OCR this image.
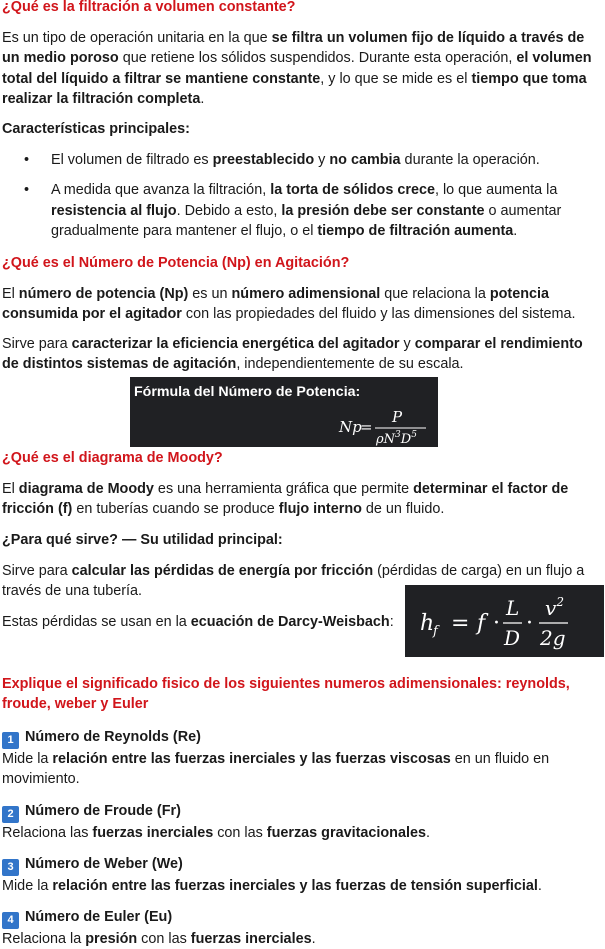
¿Qué es la filtración a volumen constante?

Es un tipo de operación unitaria en la que se filtra un volumen fijo de líquido a través de un medio poroso que retiene los sólidos suspendidos. Durante esta operación, el volumen total del líquido a filtrar se mantiene constante, y lo que se mide es el tiempo que toma realizar la filtración completa.

Características principales:

• El volumen de filtrado es preestablecido y no cambia durante la operación.
• A medida que avanza la filtración, la torta de sólidos crece, lo que aumenta la resistencia al flujo. Debido a esto, la presión debe ser constante o aumentar gradualmente para mantener el flujo, o el tiempo de filtración aumenta.
¿Qué es el Número de Potencia (Np) en Agitación?

El número de potencia (Np) es un número adimensional que relaciona la potencia consumida por el agitador con las propiedades del fluido y las dimensiones del sistema.

Sirve para caracterizar la eficiencia energética del agitador y comparar el rendimiento de distintos sistemas de agitación, independientemente de su escala.

Fórmula del Número de Potencia:
Np
=
P
$\rho N^3D^5$
¿Qué es el diagrama de Moody?

El diagrama de Moody es una herramienta gráfica que permite determinar el factor de fricción (f) en tuberías cuando se produce flujo interno de un fluido.

¿Para qué sirve? — Su utilidad principal:

Sirve para calcular las pérdidas de energía por fricción (pérdidas de carga) en un flujo a través de una tubería.

Estas pérdidas se usan en la ecuación de Darcy-Weisbach:	h
f = f ·
L
D
·
$v^2$
2g
Explique el significado fisico de los siguientes numeros adimensionales: reynolds, froude, weber y Euler
1 Número de Reynolds (Re)
Mide la relación entre las fuerzas inerciales y las fuerzas viscosas en un fluido en movimiento.
2 Número de Froude (Fr)
Relaciona las fuerzas inerciales con las fuerzas gravitacionales.
3 Número de Weber (We)
Mide la relación entre las fuerzas inerciales y las fuerzas de tensión superficial.
4 Número de Euler (Eu)
Relaciona la presión con las fuerzas inerciales.
